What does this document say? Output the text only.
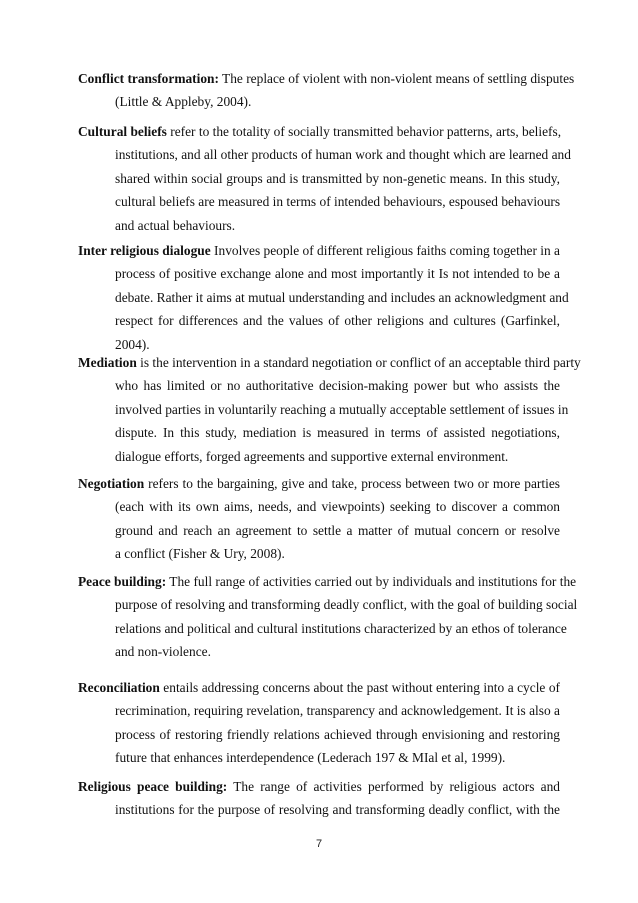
Conflict transformation: The replace of violent with non-violent means of settling disputes
(Little & Appleby, 2004).
Cultural beliefs refer to the totality of socially transmitted behavior patterns, arts, beliefs,
institutions, and all other products of human work and thought which are learned and
shared within social groups and is transmitted by non-genetic means. In this study,
cultural beliefs are measured in terms of intended behaviours, espoused behaviours
and actual behaviours.
Inter religious dialogue Involves people of different religious faiths coming together in a
process of positive exchange alone and most importantly it Is not intended to be a
debate. Rather it aims at mutual understanding and includes an acknowledgment and
respect for differences and the values of other religions and cultures (Garfinkel,
2004).
Mediation is the intervention in a standard negotiation or conflict of an acceptable third party
who has limited or no authoritative decision-making power but who assists the
involved parties in voluntarily reaching a mutually acceptable settlement of issues in
dispute. In this study, mediation is measured in terms of assisted negotiations,
dialogue efforts, forged agreements and supportive external environment.
Negotiation refers to the bargaining, give and take, process between two or more parties
(each with its own aims, needs, and viewpoints) seeking to discover a common
ground and reach an agreement to settle a matter of mutual concern or resolve
a conflict (Fisher & Ury, 2008).
Peace building: The full range of activities carried out by individuals and institutions for the
purpose of resolving and transforming deadly conflict, with the goal of building social
relations and political and cultural institutions characterized by an ethos of tolerance
and non-violence.
Reconciliation entails addressing concerns about the past without entering into a cycle of
recrimination, requiring revelation, transparency and acknowledgement. It is also a
process of restoring friendly relations achieved through envisioning and restoring
future that enhances interdependence (Lederach 197 & MIal et al, 1999).
Religious peace building: The range of activities performed by religious actors and
institutions for the purpose of resolving and transforming deadly conflict, with the
7
